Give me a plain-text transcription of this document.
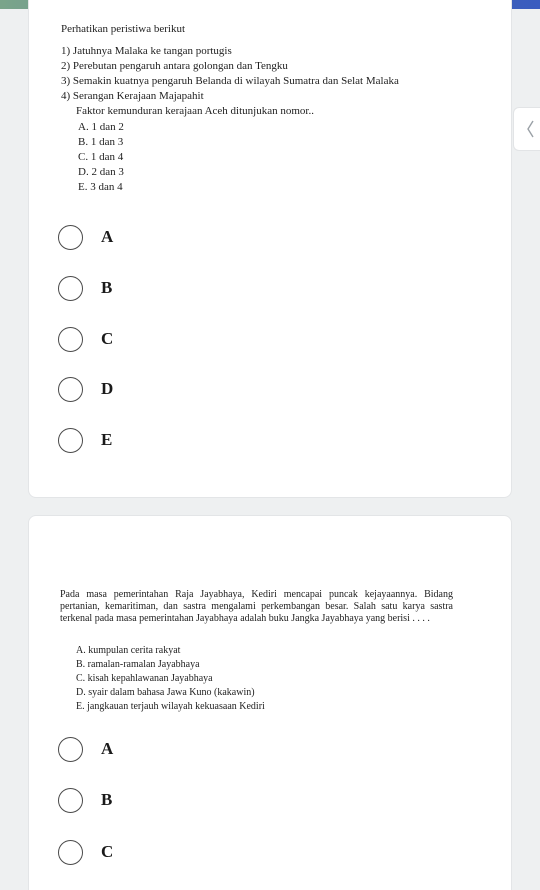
Perhatikan peristiwa berikut
1) Jatuhnya Malaka ke tangan portugis
2) Perebutan pengaruh antara golongan dan Tengku
3) Semakin kuatnya pengaruh Belanda di wilayah Sumatra dan Selat Malaka
4) Serangan Kerajaan Majapahit
Faktor kemunduran kerajaan Aceh ditunjukan nomor..
A. 1 dan 2
B. 1 dan 3
C. 1 dan 4
D. 2 dan 3
E. 3 dan 4
A
B
C
D
E
Pada masa pemerintahan Raja Jayabhaya, Kediri mencapai puncak kejayaannya. Bidang pertanian, kemaritiman, dan sastra mengalami perkembangan besar. Salah satu karya sastra terkenal pada masa pemerintahan Jayabhaya adalah buku Jangka Jayabhaya yang berisi . . . .
A. kumpulan cerita rakyat
B. ramalan-ramalan Jayabhaya
C. kisah kepahlawanan Jayabhaya
D. syair dalam bahasa Jawa Kuno (kakawin)
E. jangkauan terjauh wilayah kekuasaan Kediri
A
B
C
